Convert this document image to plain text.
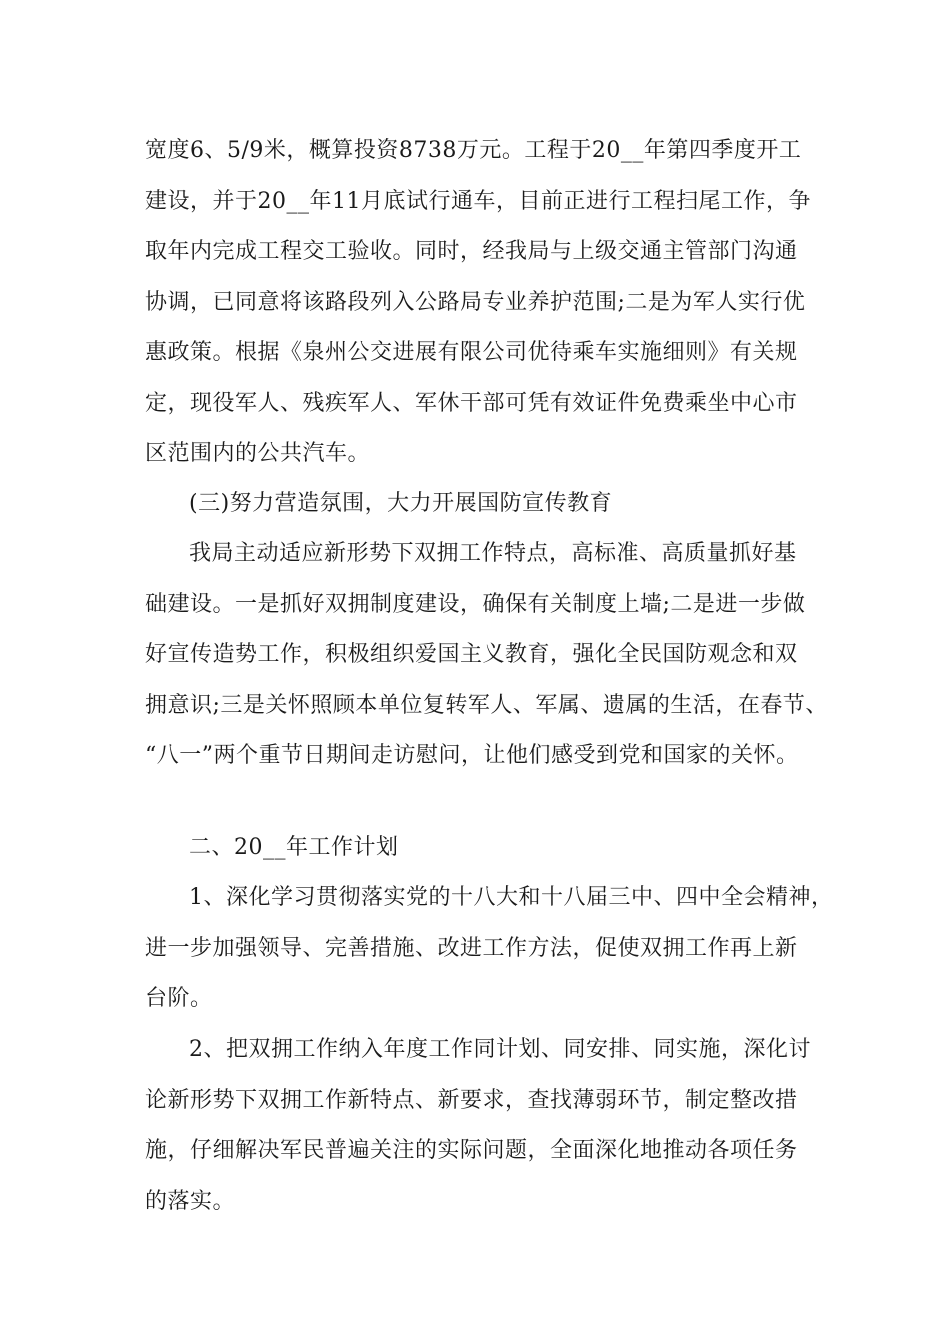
宽度6、5/9米，概算投资8738万元。工程于20__年第四季度开工
建设，并于20__年11月底试行通车，目前正进行工程扫尾工作，争
取年内完成工程交工验收。同时，经我局与上级交通主管部门沟通
协调，已同意将该路段列入公路局专业养护范围;二是为军人实行优
惠政策。根据《泉州公交进展有限公司优待乘车实施细则》有关规
定，现役军人、残疾军人、军休干部可凭有效证件免费乘坐中心市
区范围内的公共汽车。
(三)努力营造氛围，大力开展国防宣传教育
我局主动适应新形势下双拥工作特点，高标准、高质量抓好基
础建设。一是抓好双拥制度建设，确保有关制度上墙;二是进一步做
好宣传造势工作，积极组织爱国主义教育，强化全民国防观念和双
拥意识;三是关怀照顾本单位复转军人、军属、遗属的生活，在春节、
“八一”两个重节日期间走访慰问，让他们感受到党和国家的关怀。
二、20__年工作计划
1、深化学习贯彻落实党的十八大和十八届三中、四中全会精神，
进一步加强领导、完善措施、改进工作方法，促使双拥工作再上新
台阶。
2、把双拥工作纳入年度工作同计划、同安排、同实施，深化讨
论新形势下双拥工作新特点、新要求，查找薄弱环节，制定整改措
施，仔细解决军民普遍关注的实际问题，全面深化地推动各项任务
的落实。
